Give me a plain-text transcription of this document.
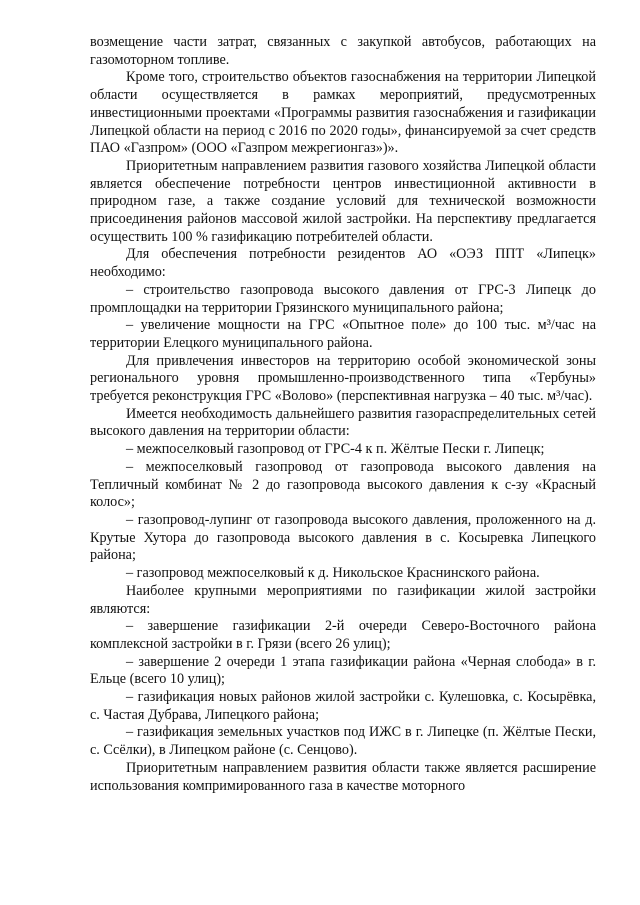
возмещение части затрат, связанных с закупкой автобусов, работающих на газомоторном топливе.

Кроме того, строительство объектов газоснабжения на территории Липецкой области осуществляется в рамках мероприятий, предусмотренных инвестиционными проектами «Программы развития газоснабжения и газификации Липецкой области на период с 2016 по 2020 годы», финансируемой за счет средств ПАО «Газпром» (ООО «Газпром межрегионгаз»)».

Приоритетным направлением развития газового хозяйства Липецкой области является обеспечение потребности центров инвестиционной активности в природном газе, а также создание условий для технической возможности присоединения районов массовой жилой застройки. На перспективу предлагается осуществить 100 % газификацию потребителей области.

Для обеспечения потребности резидентов АО «ОЭЗ ППТ «Липецк» необходимо:

– строительство газопровода высокого давления от ГРС-3 Липецк до промплощадки на территории Грязинского муниципального района;

– увеличение мощности на ГРС «Опытное поле» до 100 тыс. м³/час на территории Елецкого муниципального района.

Для привлечения инвесторов на территорию особой экономической зоны регионального уровня промышленно-производственного типа «Тербуны» требуется реконструкция ГРС «Волово» (перспективная нагрузка – 40 тыс. м³/час).

Имеется необходимость дальнейшего развития газораспределительных сетей высокого давления на территории области:

– межпоселковый газопровод от ГРС-4 к п. Жёлтые Пески г. Липецк;

– межпоселковый газопровод от газопровода высокого давления на Тепличный комбинат № 2 до газопровода высокого давления к с-зу «Красный колос»;

– газопровод-лупинг от газопровода высокого давления, проложенного на д. Крутые Хутора до газопровода высокого давления в с. Косыревка Липецкого района;

– газопровод межпоселковый к д. Никольское Краснинского района.

Наиболее крупными мероприятиями по газификации жилой застройки являются:

– завершение газификации 2-й очереди Северо-Восточного района комплексной застройки в г. Грязи (всего 26 улиц);

– завершение 2 очереди 1 этапа газификации района «Черная слобода» в г. Ельце (всего 10 улиц);

– газификация новых районов жилой застройки с. Кулешовка, с. Косырёвка, с. Частая Дубрава, Липецкого района;

– газификация земельных участков под ИЖС в г. Липецке (п. Жёлтые Пески, с. Ссёлки), в Липецком районе (с. Сенцово).

Приоритетным направлением развития области также является расширение использования компримированного газа в качестве моторного
